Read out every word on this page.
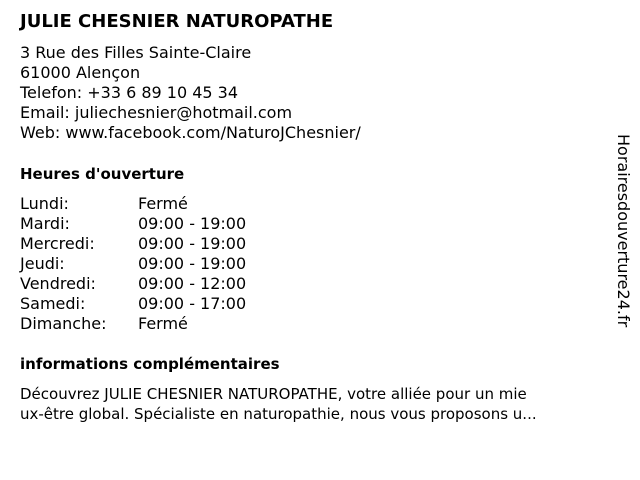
JULIE CHESNIER NATUROPATHE
3 Rue des Filles Sainte-Claire
61000 Alençon
Telefon: +33 6 89 10 45 34
Email: juliechesnier@hotmail.com
Web: www.facebook.com/NaturoJChesnier/
Heures d'ouverture
Lundi:	Fermé
Mardi:	09:00 - 19:00
Mercredi:	09:00 - 19:00
Jeudi:	09:00 - 19:00
Vendredi:	09:00 - 12:00
Samedi:	09:00 - 17:00
Dimanche: Fermé
informations complémentaires
Découvrez JULIE CHESNIER NATUROPATHE, votre alliée pour un mie
ux-être global. Spécialiste en naturopathie, nous vous proposons u...
Horairesdouverture24.fr
